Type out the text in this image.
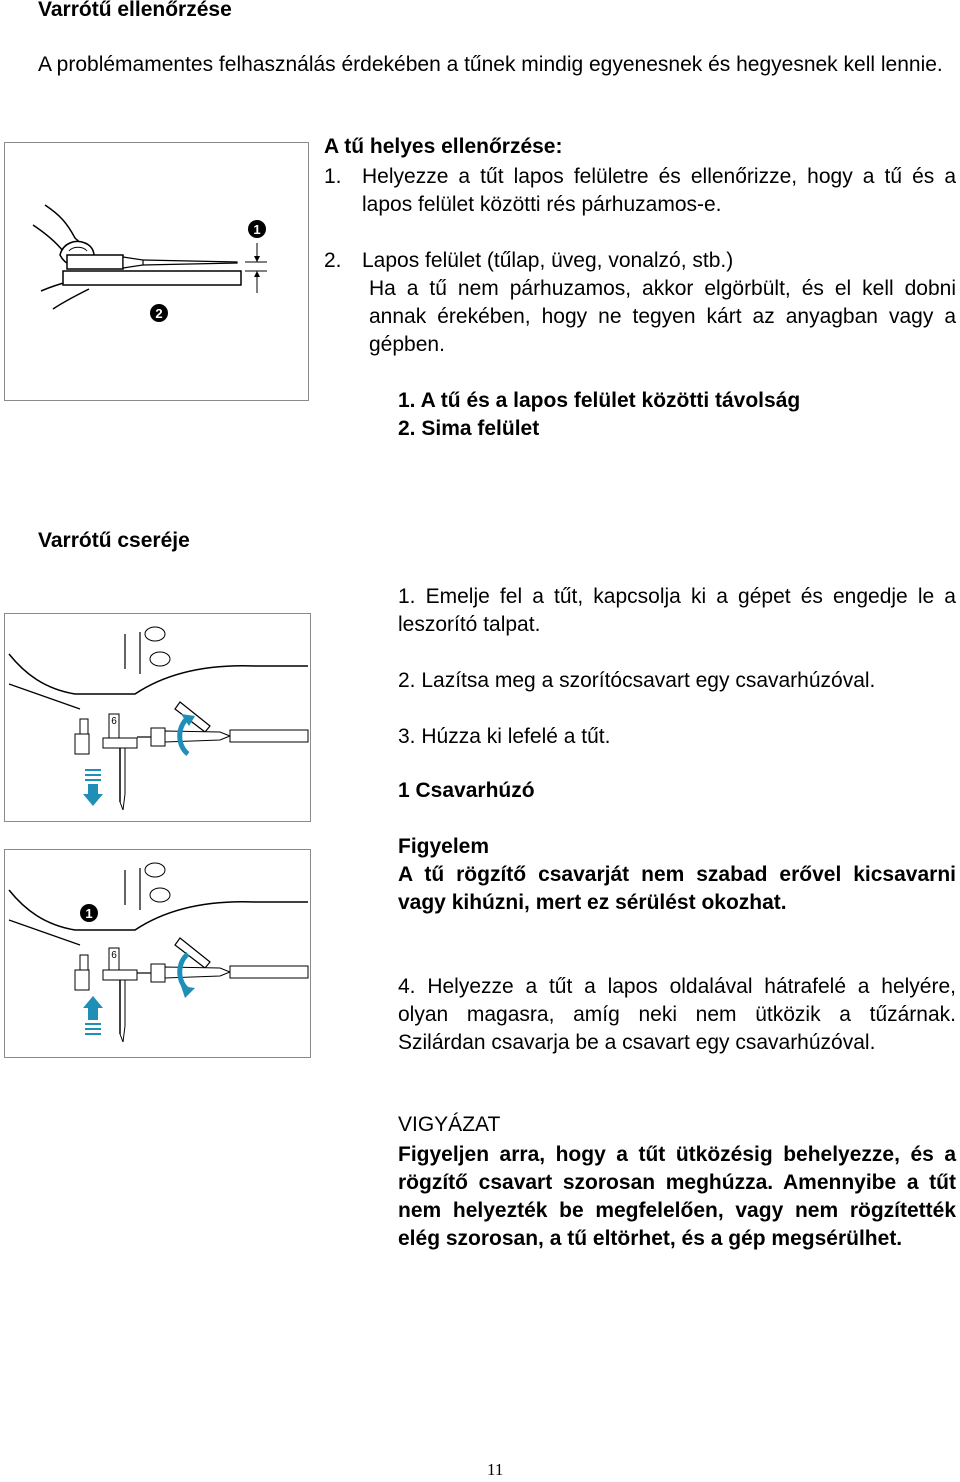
Varrótű ellenőrzése
A problémamentes felhasználás érdekében a tűnek mindig egyenesnek és hegyesnek kell lennie.
1
2
A tű helyes ellenőrzése:
1. Helyezze a tűt lapos felületre és ellenőrizze, hogy a tű és a lapos felület közötti rés párhuzamos-e.
2. Lapos felület (tűlap, üveg, vonalzó, stb.)
Ha a tű nem párhuzamos, akkor elgörbült, és el kell dobni annak érekében, hogy ne tegyen kárt az anyagban vagy a gépben.
1. A tű és a lapos felület közötti távolság
2. Sima felület
Varrótű cseréje
6
1. Emelje fel a tűt, kapcsolja ki a gépet és engedje le a leszorító talpat.
2. Lazítsa meg a szorítócsavart egy csavarhúzóval.
3. Húzza ki lefelé a tűt.
1 Csavarhúzó
Figyelem
A tű rögzítő csavarját nem szabad erővel kicsavarni vagy kihúzni, mert ez sérülést okozhat.
1
6
4. Helyezze a tűt a lapos oldalával hátrafelé a helyére, olyan magasra, amíg neki nem ütközik a tűzárnak. Szilárdan csavarja be a csavart egy csavarhúzóval.
VIGYÁZAT
Figyeljen arra, hogy a tűt ütközésig behelyezze, és a rögzítő csavart szorosan meghúzza. Amennyibe a tűt nem helyezték be megfelelően, vagy nem rögzítették elég szorosan, a tű eltörhet, és a gép megsérülhet.
11
